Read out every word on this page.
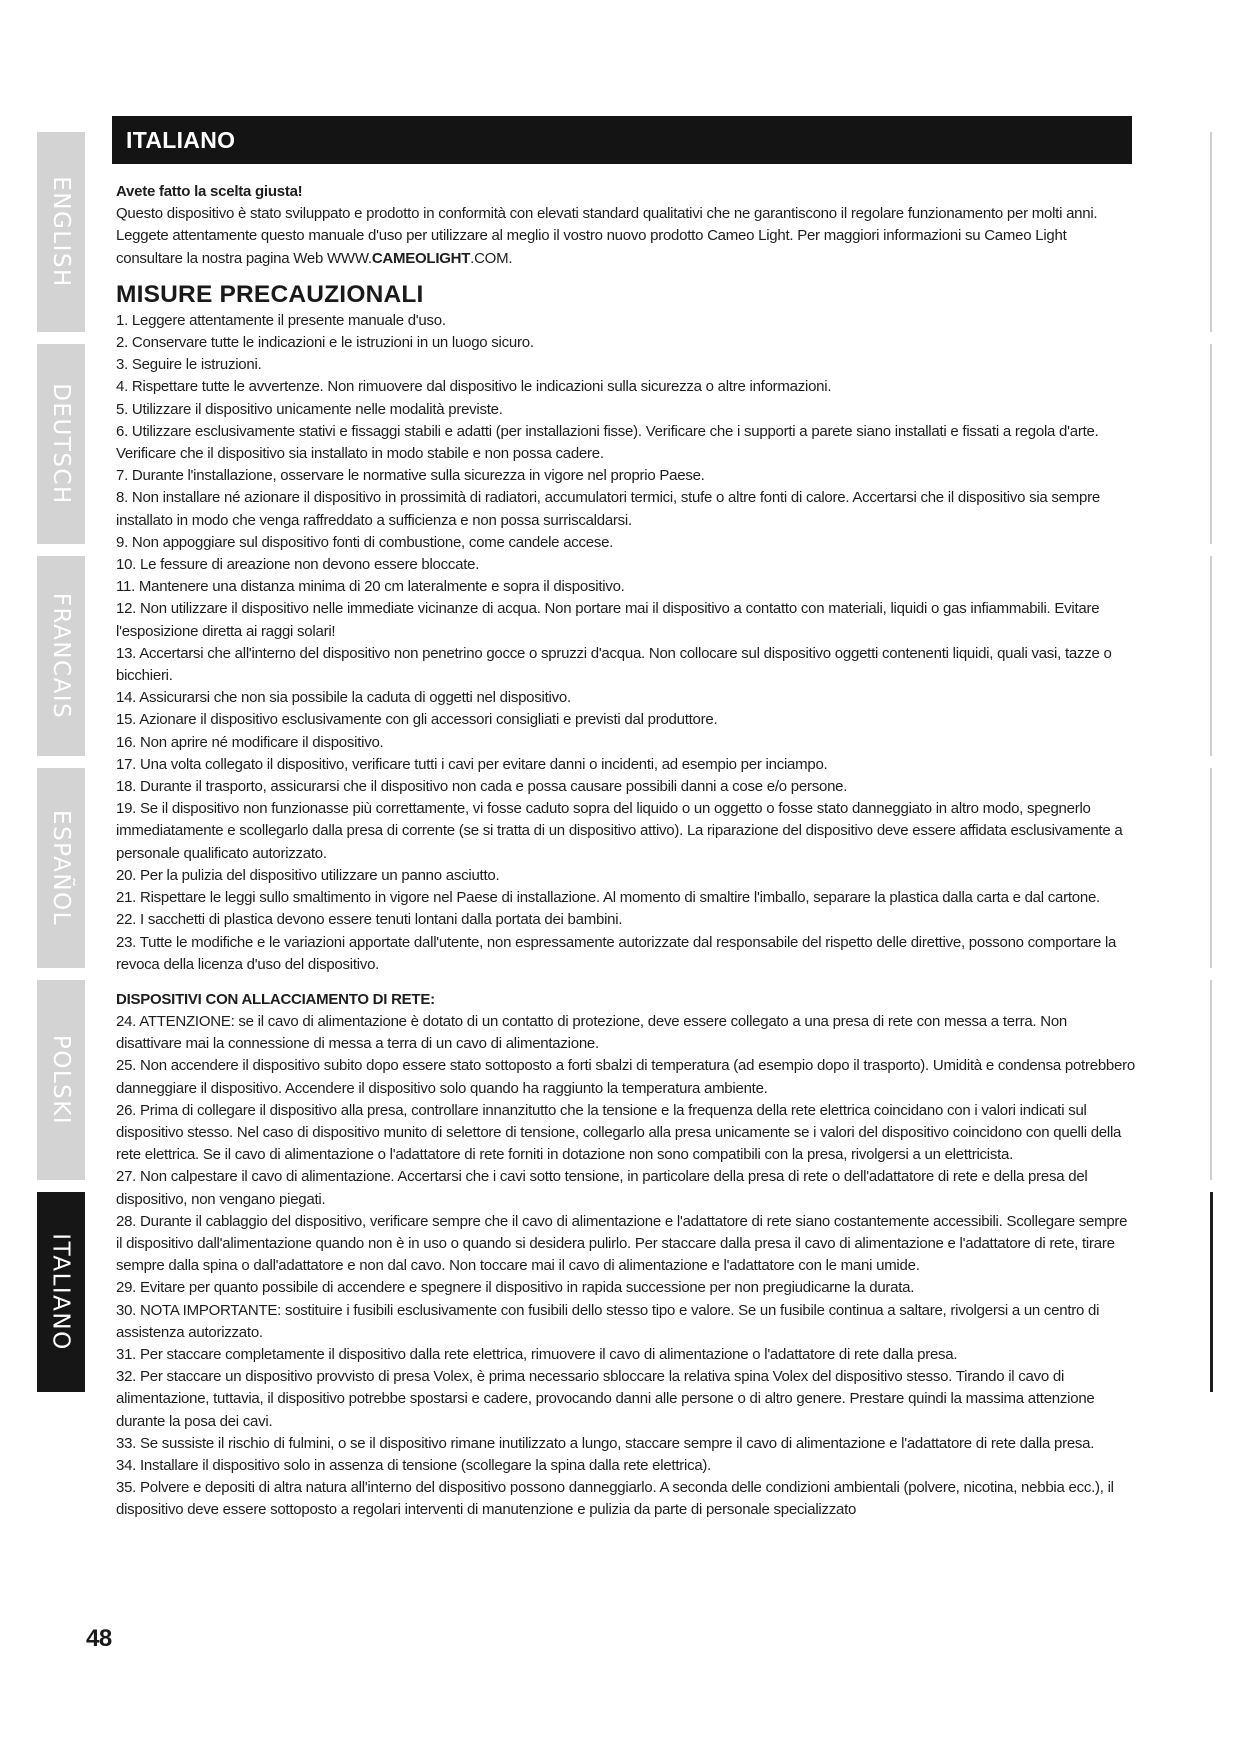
ENGLISH
DEUTSCH
FRANCAIS
ESPAÑOL
POLSKI
ITALIANO
ITALIANO

Avete fatto la scelta giusta!

Questo dispositivo è stato sviluppato e prodotto in conformità con elevati standard qualitativi che ne garantiscono il regolare funzionamento per molti anni. Leggete attentamente questo manuale d'uso per utilizzare al meglio il vostro nuovo prodotto Cameo Light. Per maggiori informazioni su Cameo Light consultare la nostra pagina Web WWW.CAMEOLIGHT.COM.

MISURE PRECAUZIONALI
1. Leggere attentamente il presente manuale d'uso.
2. Conservare tutte le indicazioni e le istruzioni in un luogo sicuro.
3. Seguire le istruzioni.
4. Rispettare tutte le avvertenze. Non rimuovere dal dispositivo le indicazioni sulla sicurezza o altre informazioni.
5. Utilizzare il dispositivo unicamente nelle modalità previste.
6. Utilizzare esclusivamente stativi e fissaggi stabili e adatti (per installazioni fisse). Verificare che i supporti a parete siano installati e fissati a regola d'arte. Verificare che il dispositivo sia installato in modo stabile e non possa cadere.
7. Durante l'installazione, osservare le normative sulla sicurezza in vigore nel proprio Paese.
8. Non installare né azionare il dispositivo in prossimità di radiatori, accumulatori termici, stufe o altre fonti di calore. Accertarsi che il dispositivo sia sempre installato in modo che venga raffreddato a sufficienza e non possa surriscaldarsi.
9. Non appoggiare sul dispositivo fonti di combustione, come candele accese.
10. Le fessure di areazione non devono essere bloccate.
11. Mantenere una distanza minima di 20 cm lateralmente e sopra il dispositivo.
12. Non utilizzare il dispositivo nelle immediate vicinanze di acqua. Non portare mai il dispositivo a contatto con materiali, liquidi o gas infiammabili. Evitare l'esposizione diretta ai raggi solari!
13. Accertarsi che all'interno del dispositivo non penetrino gocce o spruzzi d'acqua. Non collocare sul dispositivo oggetti contenenti liquidi, quali vasi, tazze o bicchieri.
14. Assicurarsi che non sia possibile la caduta di oggetti nel dispositivo.
15. Azionare il dispositivo esclusivamente con gli accessori consigliati e previsti dal produttore.
16. Non aprire né modificare il dispositivo.
17. Una volta collegato il dispositivo, verificare tutti i cavi per evitare danni o incidenti, ad esempio per inciampo.
18. Durante il trasporto, assicurarsi che il dispositivo non cada e possa causare possibili danni a cose e/o persone.
19. Se il dispositivo non funzionasse più correttamente, vi fosse caduto sopra del liquido o un oggetto o fosse stato danneggiato in altro modo, spegnerlo immediatamente e scollegarlo dalla presa di corrente (se si tratta di un dispositivo attivo). La riparazione del dispositivo deve essere affidata esclusivamente a personale qualificato autorizzato.
20. Per la pulizia del dispositivo utilizzare un panno asciutto.
21. Rispettare le leggi sullo smaltimento in vigore nel Paese di installazione. Al momento di smaltire l'imballo, separare la plastica dalla carta e dal cartone.
22. I sacchetti di plastica devono essere tenuti lontani dalla portata dei bambini.
23. Tutte le modifiche e le variazioni apportate dall'utente, non espressamente autorizzate dal responsabile del rispetto delle direttive, possono comportare la revoca della licenza d'uso del dispositivo.
DISPOSITIVI CON ALLACCIAMENTO DI RETE:
24. ATTENZIONE: se il cavo di alimentazione è dotato di un contatto di protezione, deve essere collegato a una presa di rete con messa a terra. Non disattivare mai la connessione di messa a terra di un cavo di alimentazione.
25. Non accendere il dispositivo subito dopo essere stato sottoposto a forti sbalzi di temperatura (ad esempio dopo il trasporto). Umidità e condensa potrebbero danneggiare il dispositivo. Accendere il dispositivo solo quando ha raggiunto la temperatura ambiente.
26. Prima di collegare il dispositivo alla presa, controllare innanzitutto che la tensione e la frequenza della rete elettrica coincidano con i valori indicati sul dispositivo stesso. Nel caso di dispositivo munito di selettore di tensione, collegarlo alla presa unicamente se i valori del dispositivo coincidono con quelli della rete elettrica. Se il cavo di alimentazione o l'adattatore di rete forniti in dotazione non sono compatibili con la presa, rivolgersi a un elettricista.
27. Non calpestare il cavo di alimentazione. Accertarsi che i cavi sotto tensione, in particolare della presa di rete o dell'adattatore di rete e della presa del dispositivo, non vengano piegati.
28. Durante il cablaggio del dispositivo, verificare sempre che il cavo di alimentazione e l'adattatore di rete siano costantemente accessibili. Scollegare sempre il dispositivo dall'alimentazione quando non è in uso o quando si desidera pulirlo. Per staccare dalla presa il cavo di alimentazione e l'adattatore di rete, tirare sempre dalla spina o dall'adattatore e non dal cavo. Non toccare mai il cavo di alimentazione e l'adattatore con le mani umide.
29. Evitare per quanto possibile di accendere e spegnere il dispositivo in rapida successione per non pregiudicarne la durata.
30. NOTA IMPORTANTE: sostituire i fusibili esclusivamente con fusibili dello stesso tipo e valore. Se un fusibile continua a saltare, rivolgersi a un centro di assistenza autorizzato.
31. Per staccare completamente il dispositivo dalla rete elettrica, rimuovere il cavo di alimentazione o l'adattatore di rete dalla presa.
32. Per staccare un dispositivo provvisto di presa Volex, è prima necessario sbloccare la relativa spina Volex del dispositivo stesso. Tirando il cavo di alimentazione, tuttavia, il dispositivo potrebbe spostarsi e cadere, provocando danni alle persone o di altro genere. Prestare quindi la massima attenzione durante la posa dei cavi.
33. Se sussiste il rischio di fulmini, o se il dispositivo rimane inutilizzato a lungo, staccare sempre il cavo di alimentazione e l'adattatore di rete dalla presa.
34. Installare il dispositivo solo in assenza di tensione (scollegare la spina dalla rete elettrica).
35. Polvere e depositi di altra natura all'interno del dispositivo possono danneggiarlo. A seconda delle condizioni ambientali (polvere, nicotina, nebbia ecc.), il dispositivo deve essere sottoposto a regolari interventi di manutenzione e pulizia da parte di personale specializzato
48
